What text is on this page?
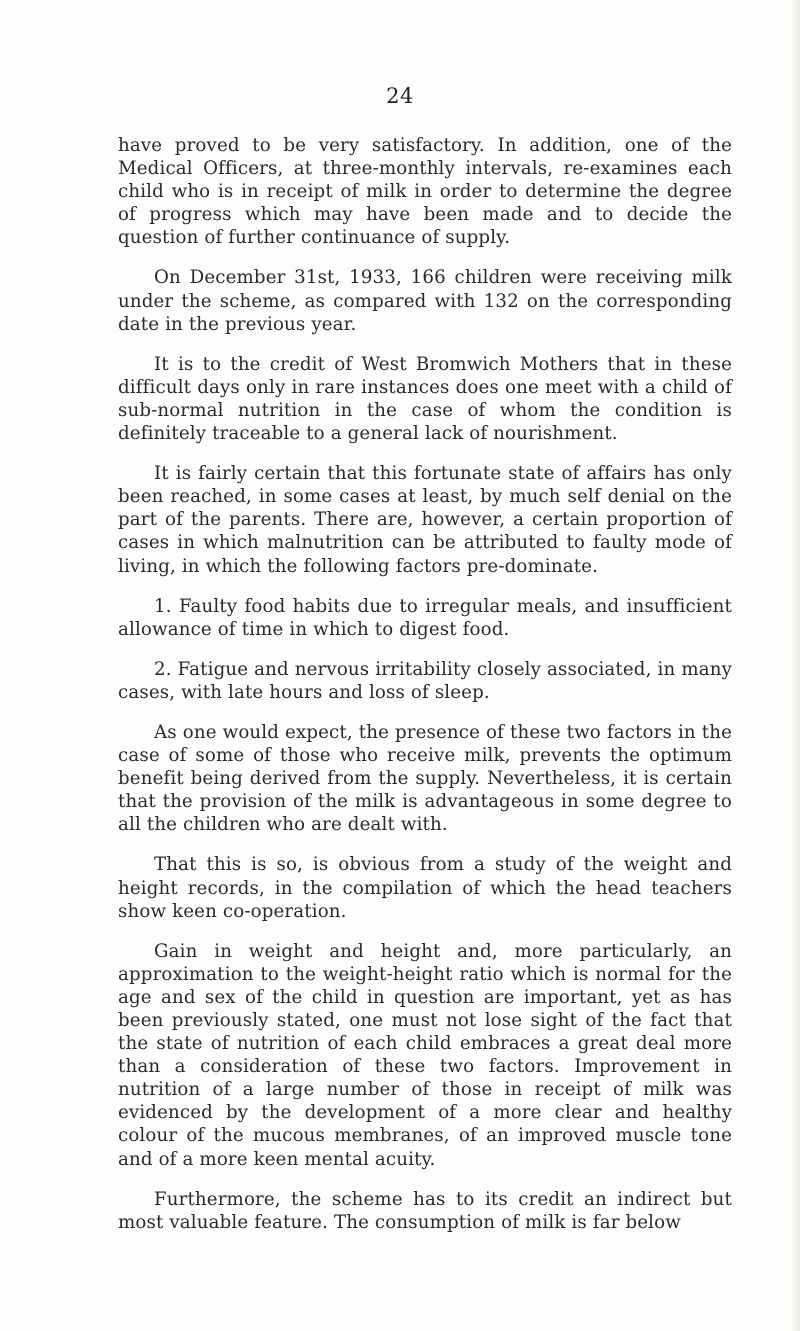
24

have proved to be very satisfactory. In addition, one of the Medical Officers, at three-monthly intervals, re-examines each child who is in receipt of milk in order to determine the degree of progress which may have been made and to decide the question of further continuance of supply.

On December 31st, 1933, 166 children were receiving milk under the scheme, as compared with 132 on the corresponding date in the previous year.

It is to the credit of West Bromwich Mothers that in these difficult days only in rare instances does one meet with a child of sub-normal nutrition in the case of whom the condition is definitely traceable to a general lack of nourishment.

It is fairly certain that this fortunate state of affairs has only been reached, in some cases at least, by much self denial on the part of the parents. There are, however, a certain proportion of cases in which malnutrition can be attributed to faulty mode of living, in which the following factors pre-dominate.

1. Faulty food habits due to irregular meals, and insufficient allowance of time in which to digest food.

2. Fatigue and nervous irritability closely associated, in many cases, with late hours and loss of sleep.

As one would expect, the presence of these two factors in the case of some of those who receive milk, prevents the optimum benefit being derived from the supply. Nevertheless, it is certain that the provision of the milk is advantageous in some degree to all the children who are dealt with.

That this is so, is obvious from a study of the weight and height records, in the compilation of which the head teachers show keen co-operation.

Gain in weight and height and, more particularly, an approximation to the weight-height ratio which is normal for the age and sex of the child in question are important, yet as has been previously stated, one must not lose sight of the fact that the state of nutrition of each child embraces a great deal more than a consideration of these two factors. Improvement in nutrition of a large number of those in receipt of milk was evidenced by the development of a more clear and healthy colour of the mucous membranes, of an improved muscle tone and of a more keen mental acuity.

Furthermore, the scheme has to its credit an indirect but most valuable feature. The consumption of milk is far below
